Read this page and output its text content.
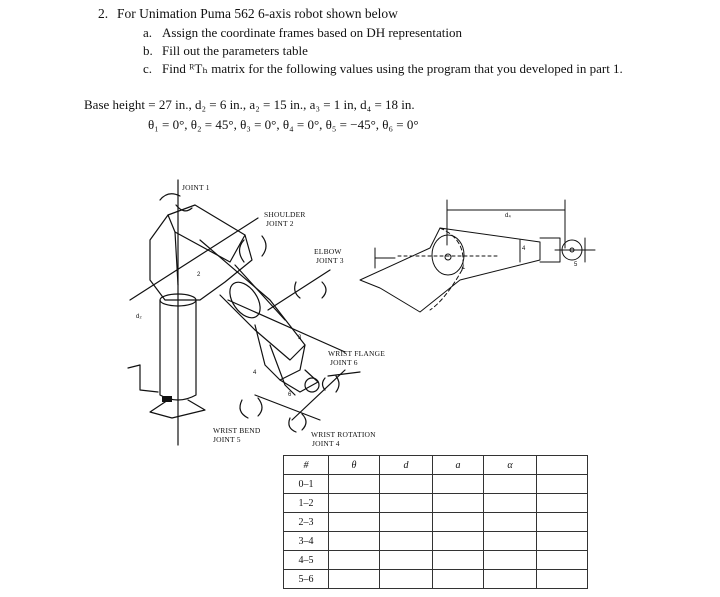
2. For Unimation Puma 562 6-axis robot shown below
a. Assign the coordinate frames based on DH representation
b. Fill out the parameters table
c. Find ᴿTₕ matrix for the following values using the program that you developed in part 1.
Base height = 27 in., d₂ = 6 in., a₂ = 15 in., a₃ = 1 in, d₄ = 18 in.
θ₁ = 0°, θ₂ = 45°, θ₃ = 0°, θ₄ = 0°, θ₅ = −45°, θ₆ = 0°
JOINT 1
SHOULDER
JOINT 2
ELBOW
JOINT 3
WRIST FLANGE
JOINT 6
WRIST BEND
JOINT 5
WRIST ROTATION
JOINT 4
2
3
4
6
d₂
d₄
1
4
5
#	θ	d	a	α	
0–1					
1–2					
2–3					
3–4					
4–5					
5–6					
